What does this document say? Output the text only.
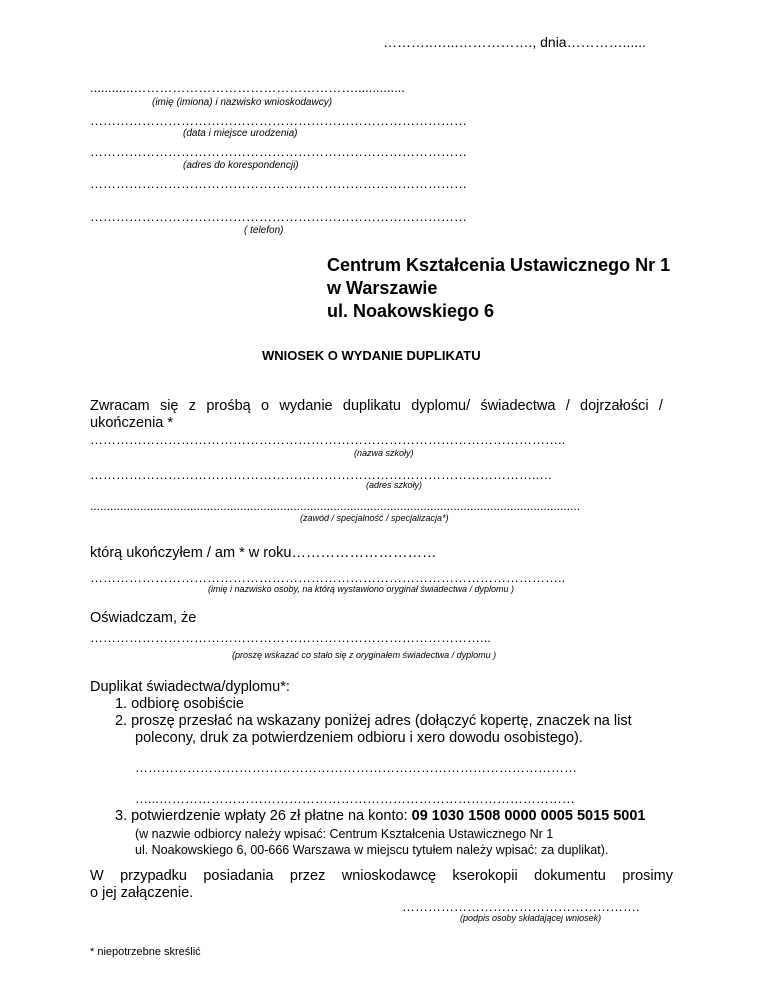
………..…...……………., dnia…………......
............……………………………………………..............
(imię (imiona) i nazwisko wnioskodawcy)
……………………………………………………………………………
(data i miejsce urodzenia)
……………………………………………………………………………
(adres do korespondencji)
……………………………………………………………………………
……………………………………………………………………………
( telefon)
Centrum Kształcenia Ustawicznego Nr 1
w Warszawie
ul. Noakowskiego 6
WNIOSEK O WYDANIE DUPLIKATU
Zwracam się z prośbą o wydanie duplikatu dyplomu/ świadectwa / dojrzałości /
ukończenia *
………………………………………………………………………………………………..
(nazwa szkoły)
…………………………………………………………………………………………..…
(adres szkoły)
...................................................................................................................................................
(zawód / specjalność / specjalizacja*)
którą ukończyłem / am * w roku…………………………
………………………………………………………………………………………………..
(imię i nazwisko osoby, na którą wystawiono oryginał świadectwa / dyplomu )
Oświadczam, że
………………………………………………………………………………...
(proszę wskazać co stało się z oryginałem świadectwa / dyplomu )
Duplikat świadectwa/dyplomu*:
1. odbiorę osobiście
2. proszę przesłać na wskazany poniżej adres (dołączyć kopertę, znaczek na list
polecony, druk za potwierdzeniem odbioru i xero dowodu osobistego).
…………………………………………………………………………………………
…...……………………………………………………………………………………
3. potwierdzenie wpłaty 26 zł płatne na konto: 09 1030 1508 0000 0005 5015 5001
(w nazwie odbiorcy należy wpisać: Centrum Kształcenia Ustawicznego Nr 1
ul. Noakowskiego 6, 00-666 Warszawa w miejscu tytułem należy wpisać: za duplikat).
W przypadku posiadania przez wnioskodawcę kserokopii dokumentu prosimy
o jej załączenie.
……………………………………………….
(podpis osoby składającej wniosek)
* niepotrzebne skreślić
